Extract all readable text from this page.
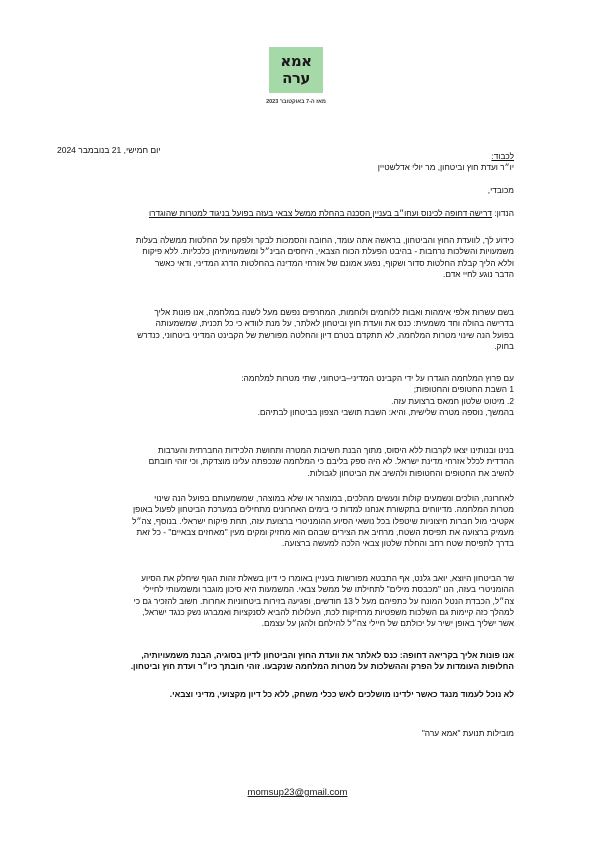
אמא
ערה
מאז ה-7 באוקטובר 2023
יום חמישי, 21 בנובמבר 2024
לכבוד:
יו״ר ועדת חוץ וביטחון, מר יולי אדלשטיין
מכובדי,
הנדון: דרישה דחופה לכינוס ועחו״ב בעניין הסכנה בהחלת ממשל צבאי בעזה בפועל בניגוד למטרות שהוגדרו
כידוע לך, לוועדת החוץ והביטחון, בראשה אתה עומד, החובה והסמכות לבקר ולפקח על החלטות ממשלה בעלות
משמעויות והשלכות נרחבות - בהיבט הפעלת הכוח הצבאי, היחסים הבינ״ל ומשמעויותיהן כלכליות. ללא פיקוח
וללא הליך קבלת החלטות סדור ושקוף, נפגע אמונם של אזרחי המדינה בהחלטות הדרג המדיני, ודאי כאשר
הדבר נוגע לחיי אדם.
בשם עשרות אלפי אימהות ואבות ללוחמים ולוחמות, המחרפים נפשם מעל לשנה במלחמה, אנו פונות אליך
בדרישה בהולה וחד משמעית: כנס את וועדת חוץ וביטחון לאלתר, על מנת לוודא כי כל תכנית, שמשמעותה
בפועל הנה שינוי מטרות המלחמה, לא תתקדם בטרם דיון והחלטה מפורשת של הקבינט המדיני ביטחוני, כנדרש
בחוק.
עם פרוץ המלחמה הוגדרו על ידי הקבינט המדיני–ביטחוני, שתי מטרות למלחמה:
1 השבת החטופים והחטופות;
2. מיטוט שלטון חמאס ברצועת עזה.
בהמשך, נוספה מטרה שלישית, והיא: השבת תושבי הצפון בביטחון לבתיהם.
בנינו ובנותינו יצאו לקרבות ללא היסוס, מתוך הבנת חשיבות המטרה ותחושת הלכידות החברתית והערבות
ההדדית לכלל אזרחי מדינת ישראל. לא היה ספק בליבם כי המלחמה שנכפתה עלינו מוצדקת, וכי זוהי חובתם
להשיב את החטופים והחטופות ולהשיב את הביטחון לגבולות.
לאחרונה, הולכים ונשמעים קולות ונעשים מהלכים, במוצהר או שלא במוצהר, שמשמעותם בפועל הנה שינוי
מטרות המלחמה. מדיווחים בתקשורת אנחנו למדות כי בימים האחרונים מתחילים במערכת הביטחון לפעול באופן
אקטיבי מול חברות חיצוניות שיטפלו בכל נושאי הסיוע ההומניטרי ברצועת עזה, תחת פיקוח ישראלי. בנוסף, צה״ל
מעמיק ברצועה את תפיסת השטח, מרחיב את הצירים שבהם הוא מחזיק ומקים מעין "מאחזים צבאיים" - כל זאת
בדרך לתפיסת שטח רחב והחלת שלטון צבאי הלכה למעשה ברצועה.
שר הביטחון היוצא, יואב גלנט, אף התבטא מפורשות בעניין באומרו כי דיון בשאלת זהות הגוף שיחלק את הסיוע
ההומניטרי בעזה, הנו "מכבסת מילים" לתחילתו של ממשל צבאי. המשמעות היא סיכון מוגבר ומשמעותי לחיילי
צה״ל, הכבדת הנטל המונח על כתפיהם מעל ל 13 חודשים, ופגיעה בזירות ביטחוניות אחרות. חשוב להזכיר גם כי
למהלך כזה קיימות גם השלכות משפטיות מרחיקות לכת, העלולות להביא לסנקציות ואמברגו נשק כנגד ישראל,
אשר ישליך באופן ישיר על יכולתם של חיילי צה״ל להילחם ולהגן על עצמם.
אנו פונות אליך בקריאה דחופה: כנס לאלתר את וועדת החוץ והביטחון לדיון בסוגיה, הבנת משמעויותיה,
החלופות העומדות על הפרק וההשלכות על מטרות המלחמה שנקבעו. זוהי חובתך כיו״ר ועדת חוץ וביטחון.
לא נוכל לעמוד מנגד כאשר ילדינו מושלכים לאש ככלי משחק, ללא כל דיון מקצועי, מדיני וצבאי.
מובילות תנועת "אמא ערה"
momsup23@gmail.com
